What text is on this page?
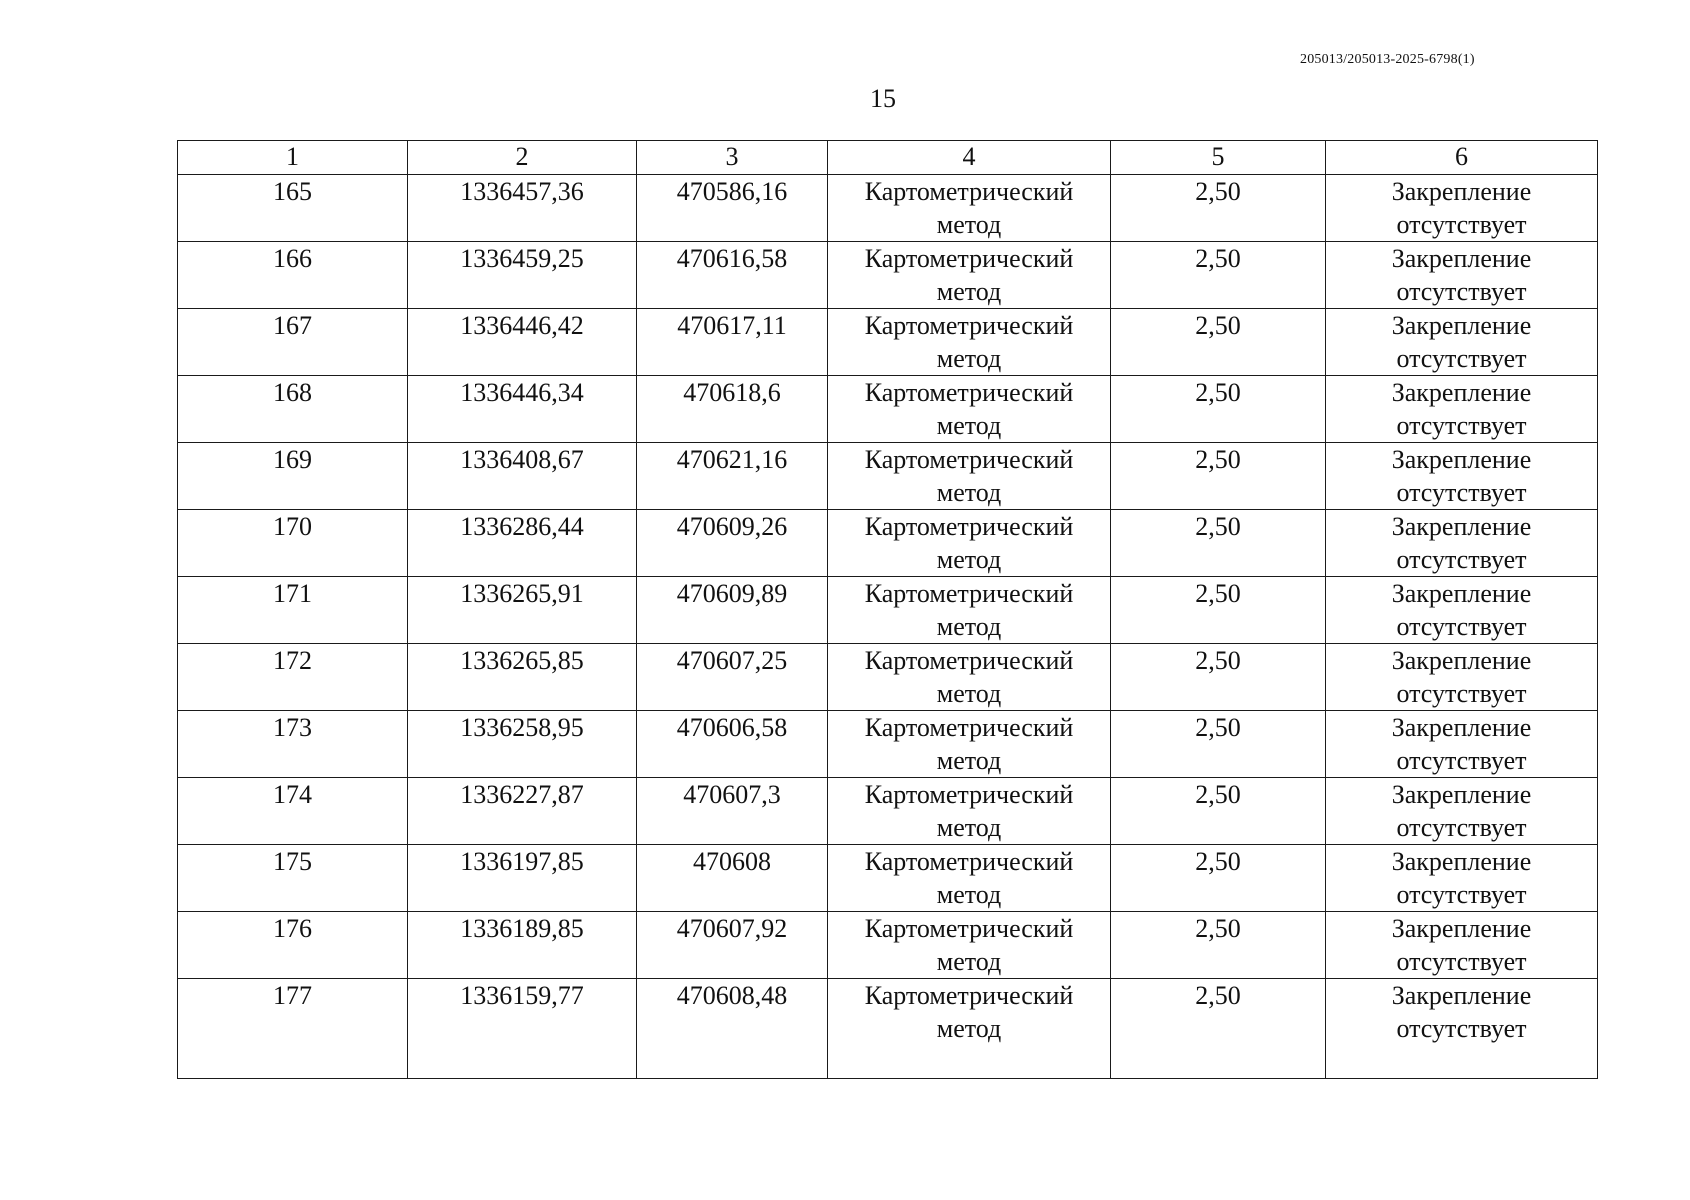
205013/205013-2025-6798(1)
15
1	2	3	4	5	6

165	1336457,36	470586,16	Картометрический метод	2,50	Закрепление отсутствует

166	1336459,25	470616,58	Картометрический метод	2,50	Закрепление отсутствует

167	1336446,42	470617,11	Картометрический метод	2,50	Закрепление отсутствует

168	1336446,34	470618,6	Картометрический метод	2,50	Закрепление отсутствует

169	1336408,67	470621,16	Картометрический метод	2,50	Закрепление отсутствует

170	1336286,44	470609,26	Картометрический метод	2,50	Закрепление отсутствует

171	1336265,91	470609,89	Картометрический метод	2,50	Закрепление отсутствует

172	1336265,85	470607,25	Картометрический метод	2,50	Закрепление отсутствует

173	1336258,95	470606,58	Картометрический метод	2,50	Закрепление отсутствует

174	1336227,87	470607,3	Картометрический метод	2,50	Закрепление отсутствует

175	1336197,85	470608	Картометрический метод	2,50	Закрепление отсутствует

176	1336189,85	470607,92	Картометрический метод	2,50	Закрепление отсутствует

177	1336159,77	470608,48	Картометрический метод	2,50	Закрепление отсутствует
